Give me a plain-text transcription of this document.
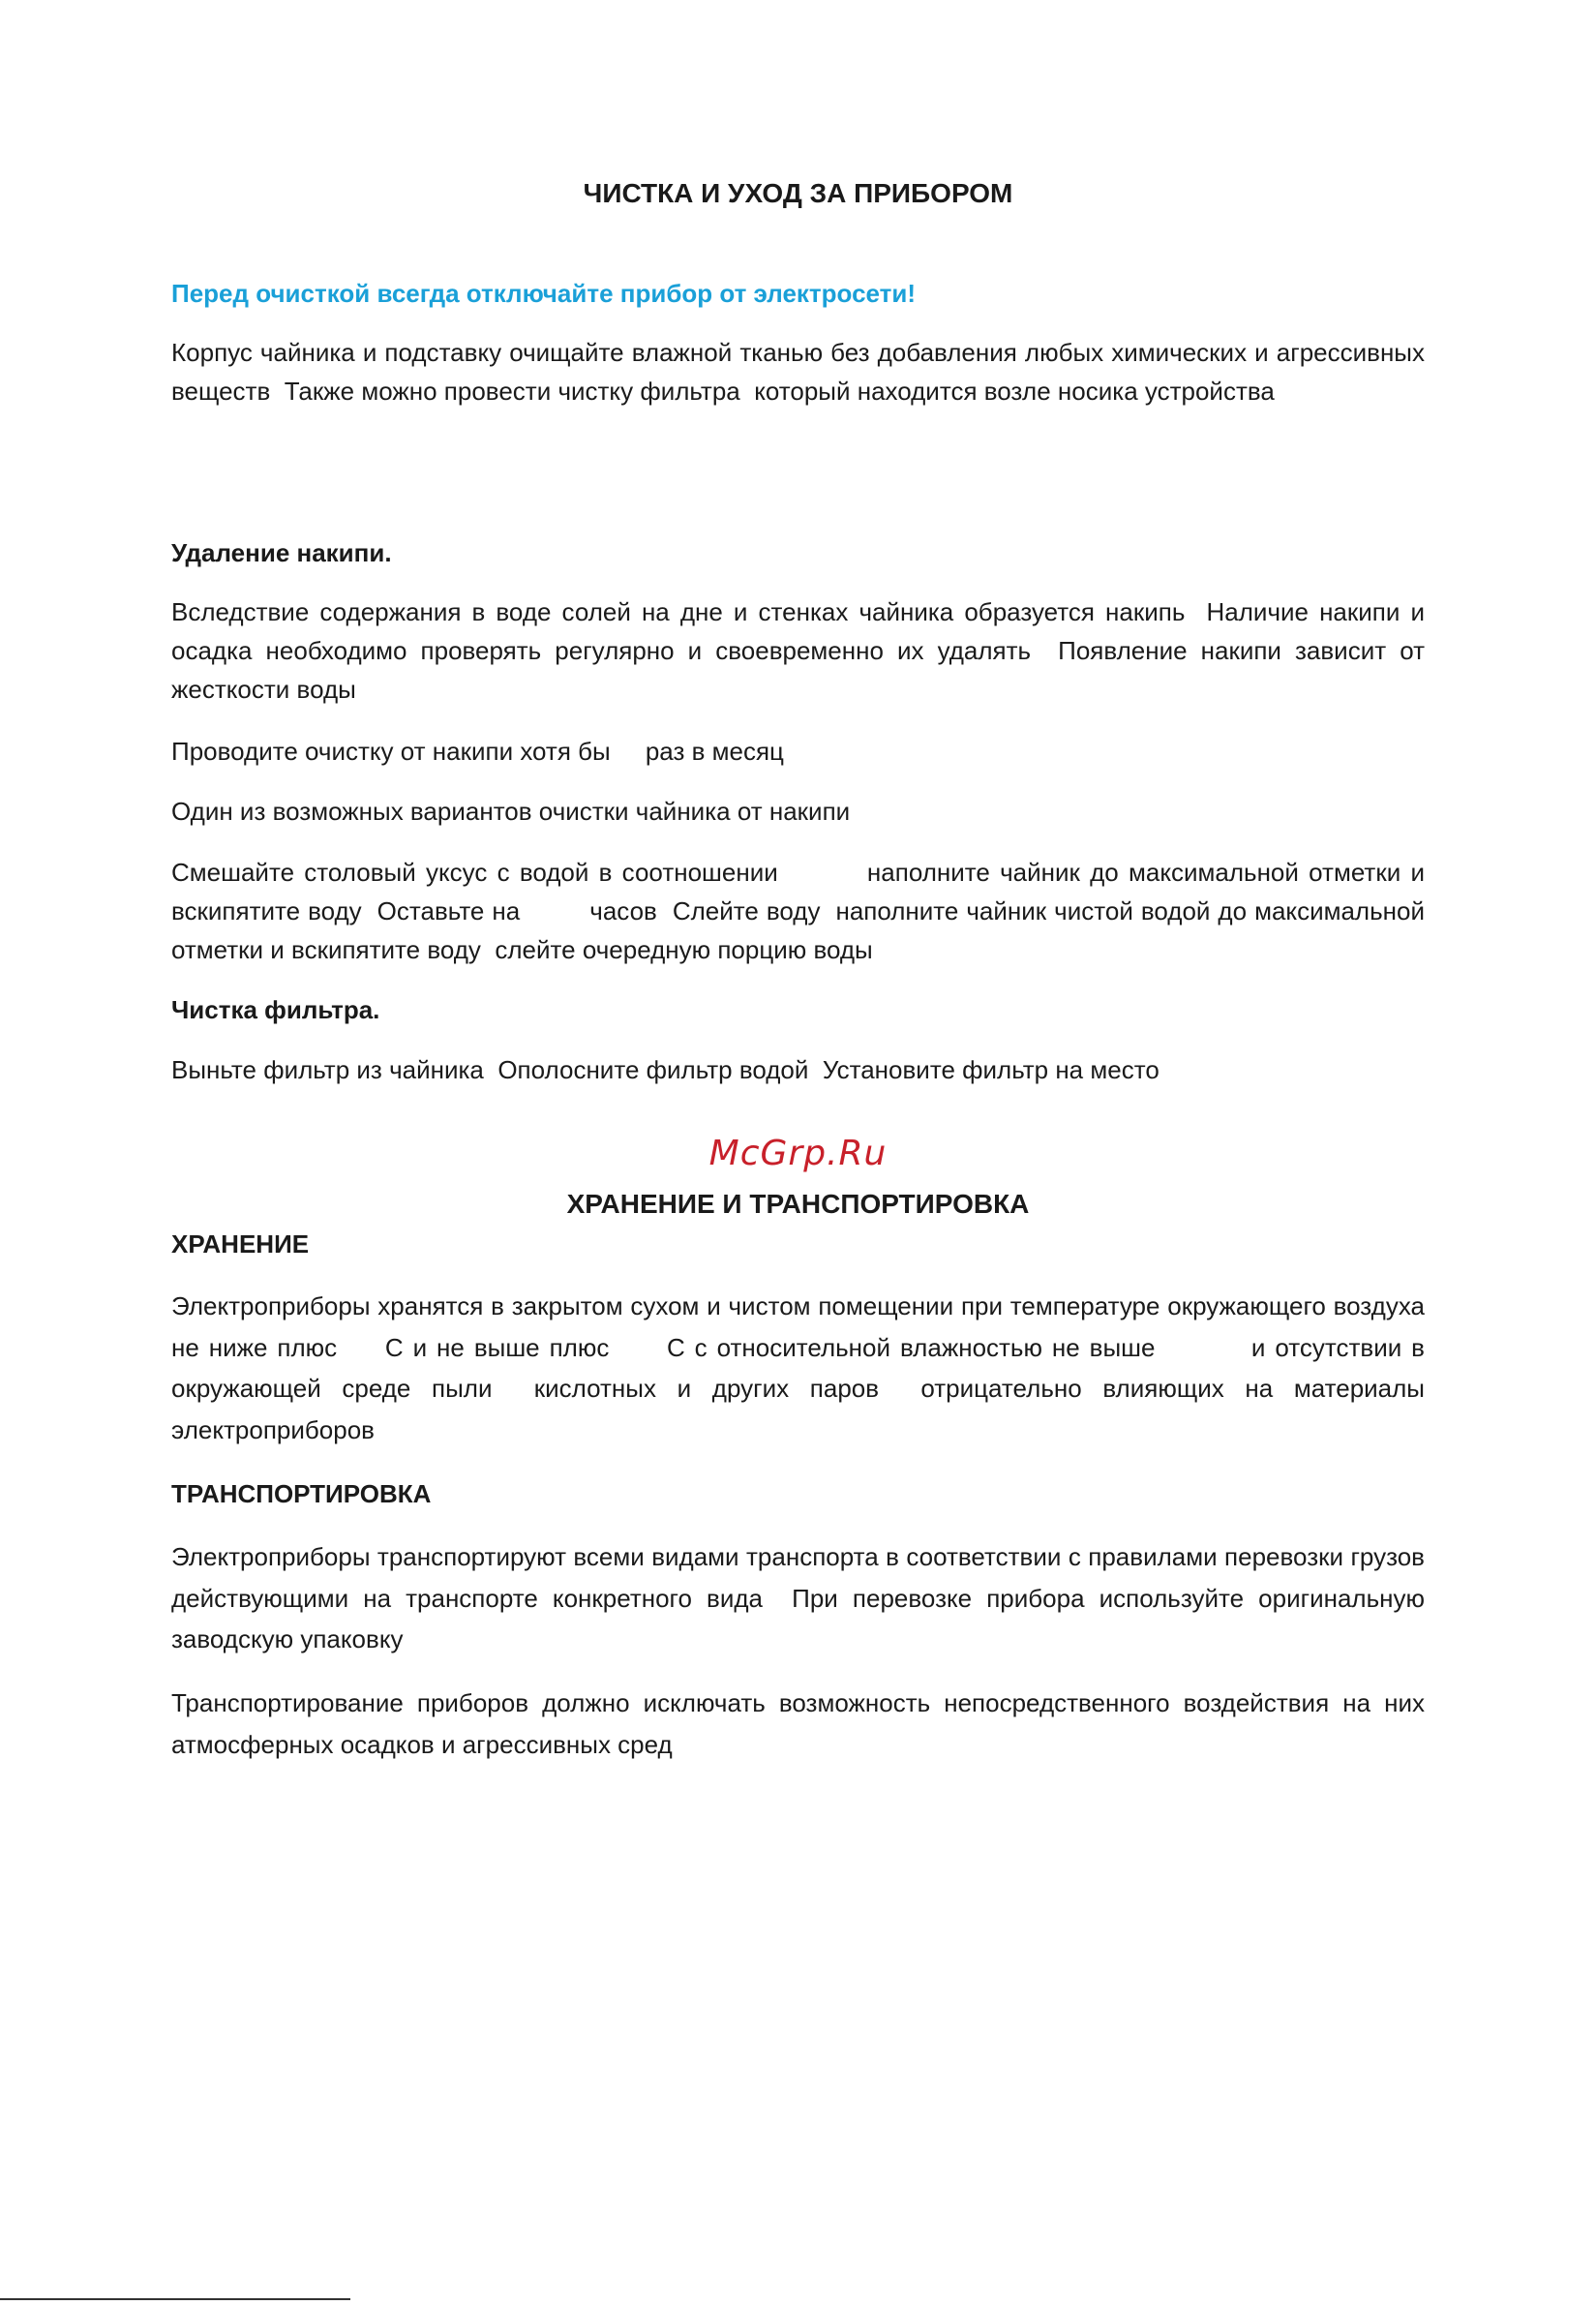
ЧИСТКА И УХОД ЗА ПРИБОРОМ

Перед очисткой всегда отключайте прибор от электросети!

Корпус чайника и подставку очищайте влажной тканью без добавления любых химических и агрессивных веществ  Также можно провести чистку фильтра  который находится возле носика устройства

Удаление накипи.

Вследствие содержания в воде солей на дне и стенках чайника образуется накипь  Наличие накипи и осадка необходимо проверять регулярно и своевременно их удалять  Появление накипи зависит от жесткости воды

Проводите очистку от накипи хотя бы     раз в месяц

Один из возможных вариантов очистки чайника от накипи

Смешайте столовый уксус с водой в соотношении         наполните чайник до максимальной отметки и вскипятите воду  Оставьте на         часов  Слейте воду  наполните чайник чистой водой до максимальной отметки и вскипятите воду  слейте очередную порцию воды

Чистка фильтра.

Выньте фильтр из чайника  Ополосните фильтр водой  Установите фильтр на место

McGrp.Ru
ХРАНЕНИЕ И ТРАНСПОРТИРОВКА
ХРАНЕНИЕ

Электроприборы хранятся в закрытом сухом и чистом помещении при температуре окружающего воздуха не ниже плюс     С и не выше плюс      С с относительной влажностью не выше          и отсутствии в окружающей среде пыли  кислотных и других паров  отрицательно влияющих на материалы электроприборов

ТРАНСПОРТИРОВКА

Электроприборы транспортируют всеми видами транспорта в соответствии с правилами перевозки грузов  действующими на транспорте конкретного вида  При перевозке прибора используйте оригинальную заводскую упаковку

Транспортирование приборов должно исключать возможность непосредственного воздействия на них атмосферных осадков и агрессивных сред
